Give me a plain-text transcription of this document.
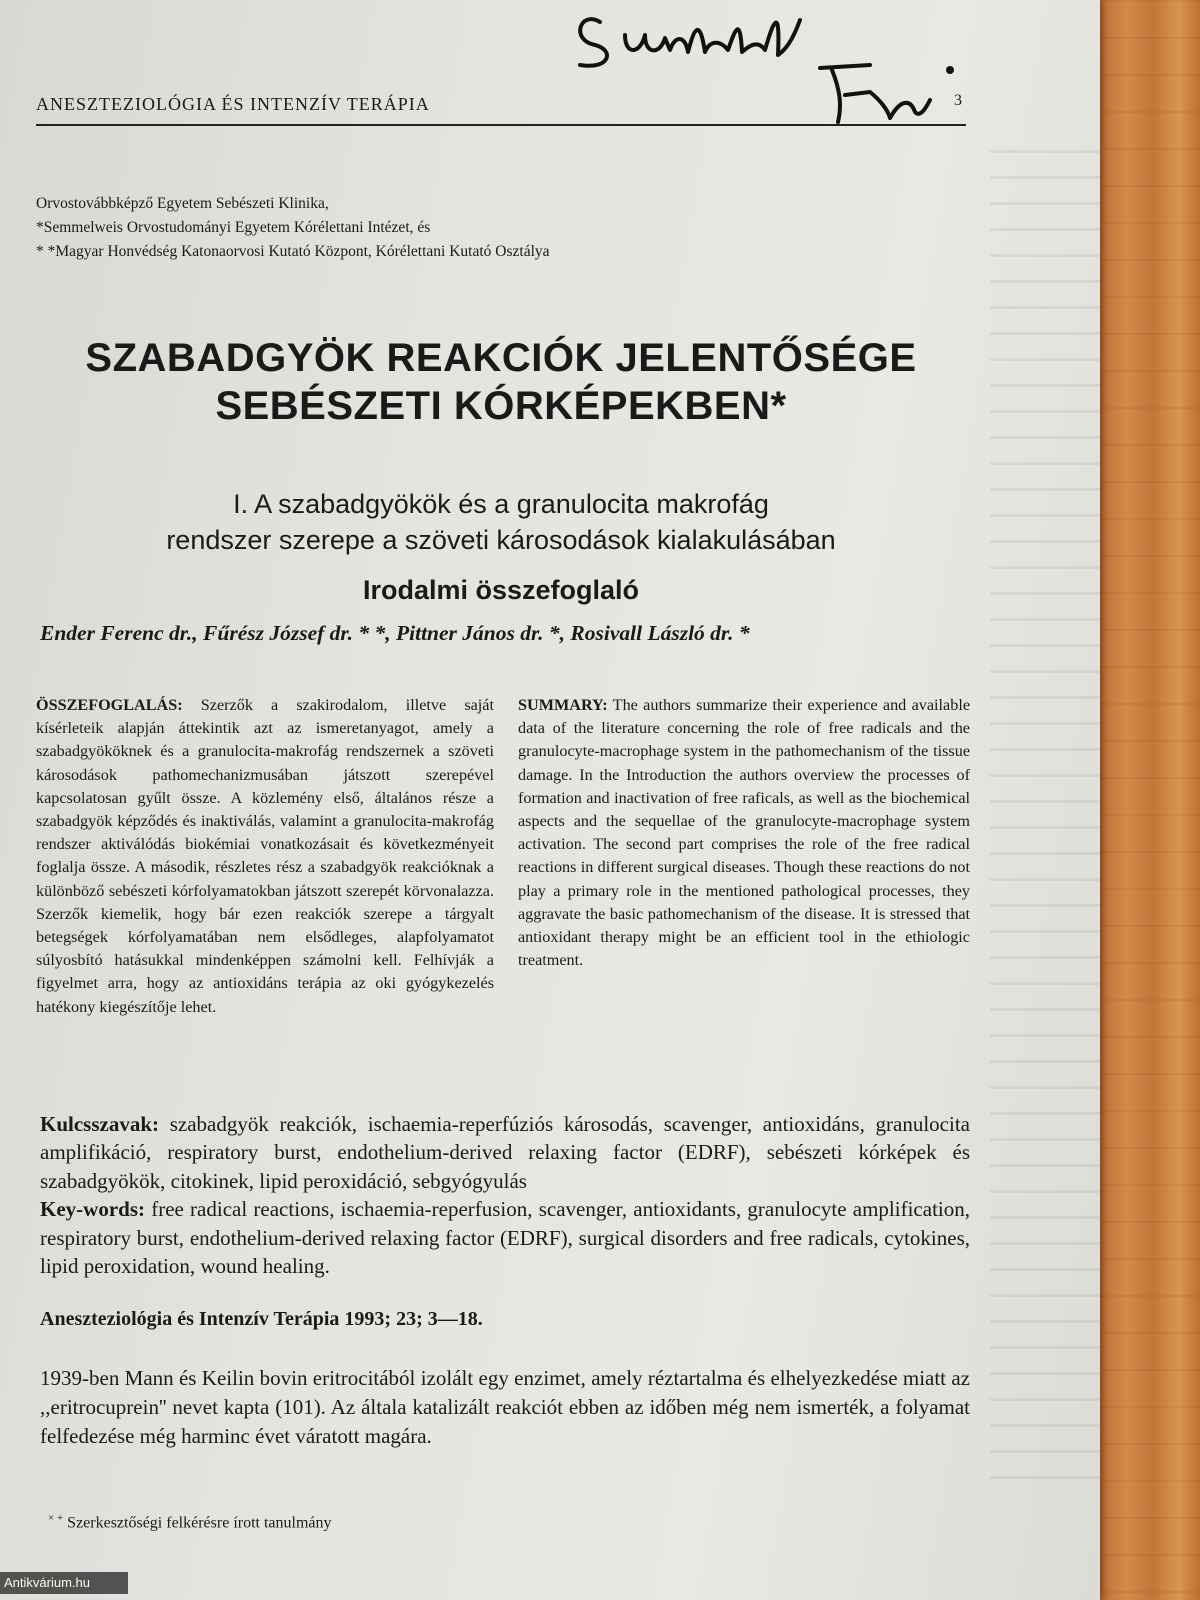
ANESZTEZIOLÓGIA ÉS INTENZÍV TERÁPIA	3
Orvostovábbképző Egyetem Sebészeti Klinika,
*Semmelweis Orvostudományi Egyetem Kórélettani Intézet, és
* *Magyar Honvédség Katonaorvosi Kutató Központ, Kórélettani Kutató Osztálya
SZABADGYÖK REAKCIÓK JELENTŐSÉGE
SEBÉSZETI KÓRKÉPEKBEN*
I. A szabadgyökök és a granulocita makrofág
rendszer szerepe a szöveti károsodások kialakulásában
Irodalmi összefoglaló
Ender Ferenc dr., Fűrész József dr. * *, Pittner János dr. *, Rosivall László dr. *

ÖSSZEFOGLALÁS: Szerzők a szakirodalom, illetve saját kísérleteik alapján áttekintik azt az ismeretanyagot, amely a szabadgyököknek és a granulocita-makrofág rendszernek a szöveti károsodások pathomechanizmusában játszott szerepével kapcsolatosan gyűlt össze. A közlemény első, általános része a szabadgyök képződés és inaktiválás, valamint a granulocita-makrofág rendszer aktiválódás biokémiai vonatkozásait és következményeit foglalja össze. A második, részletes rész a szabadgyök reakcióknak a különböző sebészeti kórfolyamatokban játszott szerepét körvonalazza. Szerzők kiemelik, hogy bár ezen reakciók szerepe a tárgyalt betegségek kórfolyamatában nem elsődleges, alapfolyamatot súlyosbító hatásukkal mindenképpen számolni kell. Felhívják a figyelmet arra, hogy az antioxidáns terápia az oki gyógykezelés hatékony kiegészítője lehet.

SUMMARY: The authors summarize their experience and available data of the literature concerning the role of free radicals and the granulocyte-macrophage system in the pathomechanism of the tissue damage. In the Introduction the authors overview the processes of formation and inactivation of free raficals, as well as the biochemical aspects and the sequellae of the granulocyte-macrophage system activation. The second part comprises the role of the free radical reactions in different surgical diseases. Though these reactions do not play a primary role in the mentioned pathological processes, they aggravate the basic pathomechanism of the disease. It is stressed that antioxidant therapy might be an efficient tool in the ethiologic treatment.

Kulcsszavak: szabadgyök reakciók, ischaemia-reperfúziós károsodás, scavenger, antioxidáns, granulocita amplifikáció, respiratory burst, endothelium-derived relaxing factor (EDRF), sebészeti kórképek és szabadgyökök, citokinek, lipid peroxidáció, sebgyógyulás

Key-words: free radical reactions, ischaemia-reperfusion, scavenger, antioxidants, granulocyte amplification, respiratory burst, endothelium-derived relaxing factor (EDRF), surgical disorders and free radicals, cytokines, lipid peroxidation, wound healing.

Aneszteziológia és Intenzív Terápia 1993; 23; 3—18.
1939-ben Mann és Keilin bovin eritrocitából izolált egy enzimet, amely réztartalma és elhelyezkedése miatt az ,,eritrocuprein'' nevet kapta (101). Az általa katalizált reakciót ebben az időben még nem ismerték, a folyamat felfedezése még harminc évet váratott magára.
× + Szerkesztőségi felkérésre írott tanulmány
Antikvárium.hu
